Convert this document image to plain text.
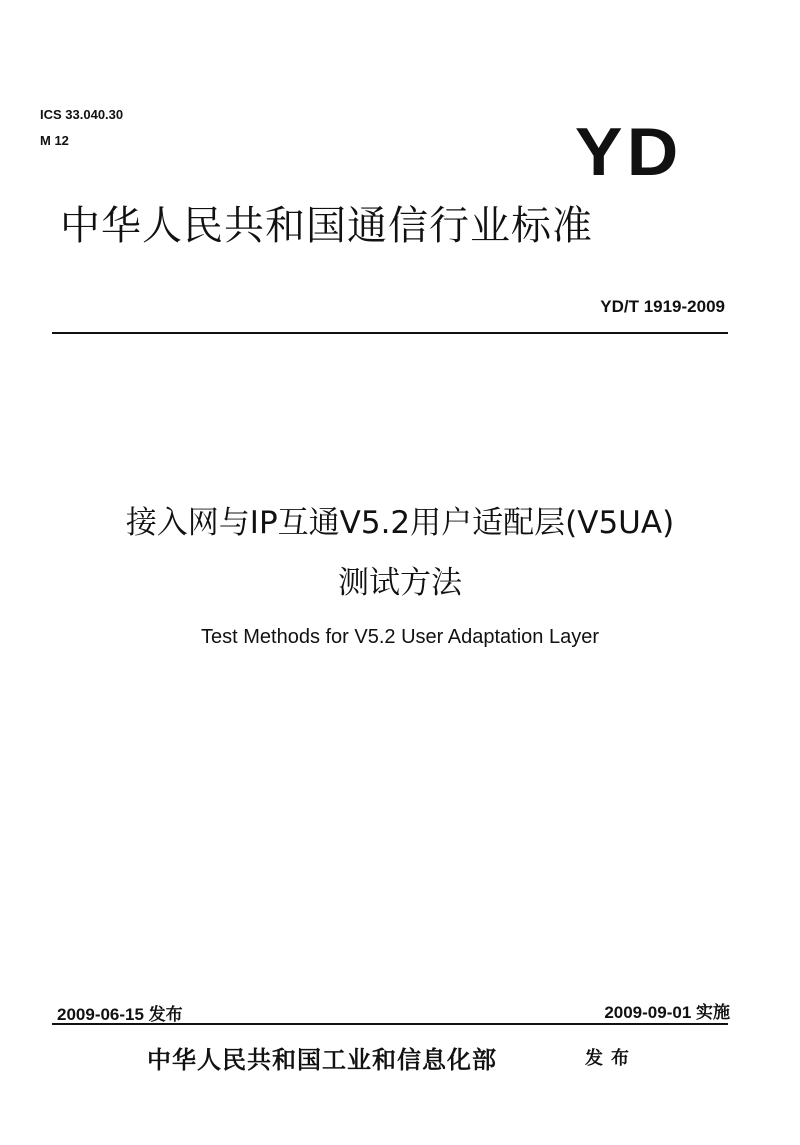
ICS 33.040.30
M 12	YD
中华人民共和国通信行业标准
YD/T 1919-2009
接入网与IP互通V5.2用户适配层(V5UA)
测试方法
Test Methods for V5.2 User Adaptation Layer
2009-06-15 发布	2009-09-01 实施
中华人民共和国工业和信息化部	发布
